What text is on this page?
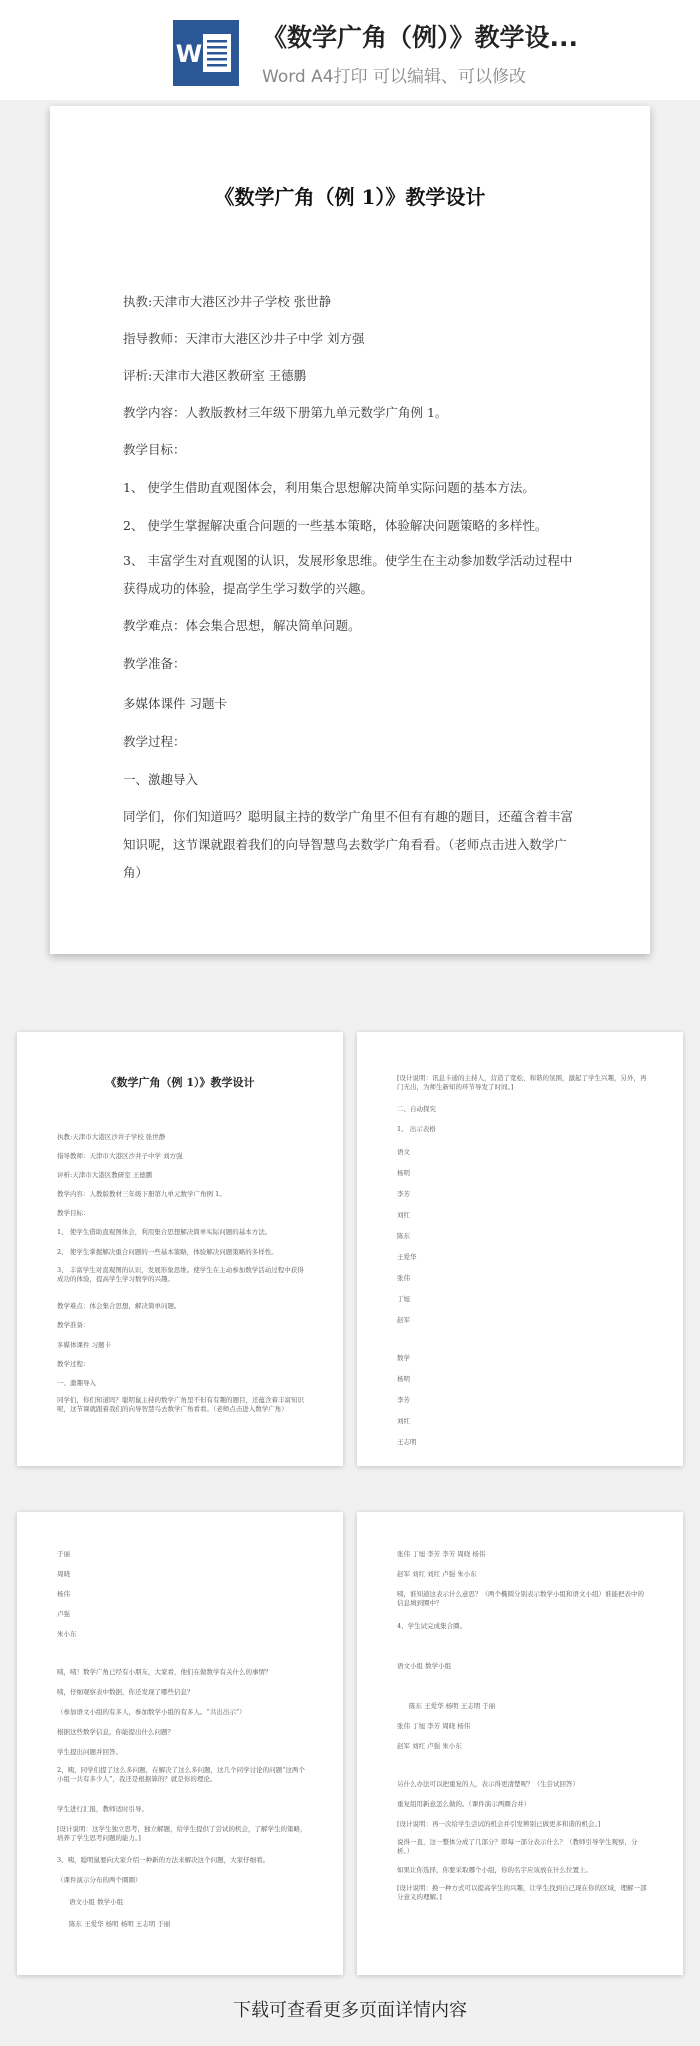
W
《数学广角（例）》教学设...
Word A4打印 可以编辑、可以修改
《数学广角（例 1）》教学设计
执教:天津市大港区沙井子学校 张世静
指导教师：天津市大港区沙井子中学 刘方强
评析:天津市大港区教研室 王德鹏
教学内容：人教版教材三年级下册第九单元数学广角例 1。
教学目标：
1、 使学生借助直观图体会，利用集合思想解决简单实际问题的基本方法。
2、 使学生掌握解决重合问题的一些基本策略，体验解决问题策略的多样性。
3、 丰富学生对直观图的认识，发展形象思维。使学生在主动参加数学活动过程中获得成功的体验，提高学生学习数学的兴趣。
教学难点：体会集合思想，解决简单问题。
教学准备：
多媒体课件 习题卡
教学过程：
一、激趣导入
同学们，你们知道吗？聪明鼠主持的数学广角里不但有有趣的题目，还蕴含着丰富知识呢，这节课就跟着我们的向导智慧鸟去数学广角看看。（老师点击进入数学广角）
《数学广角（例 1）》教学设计
执教:天津市大港区沙井子学校 张世静
指导教师：天津市大港区沙井子中学 刘方强
评析:天津市大港区教研室 王德鹏
教学内容：人教版教材三年级下册第九单元数学广角例 1。
教学目标：
1、 使学生借助直观图体会，利用集合思想解决简单实际问题的基本方法。
2、 使学生掌握解决重合问题的一些基本策略，体验解决问题策略的多样性。
3、 丰富学生对直观图的认识，发展形象思维。使学生在主动参加数学活动过程中获得成功的体验，提高学生学习数学的兴趣。
教学难点：体会集合思想，解决简单问题。
教学准备：
多媒体课件 习题卡
教学过程：
一、激趣导入
同学们，你们知道吗？聪明鼠主持的数学广角里不但有有趣的题目，还蕴含着丰富知识呢，这节课就跟着我们的向导智慧鸟去数学广角看看。（老师点击进入数学广角）
[设计说明：讯息卡通的主持人，营造了宽松、和谐的氛围，激起了学生兴趣，另外，再门无出，为师生新知的环节导发了时间。]
二、自动探究
1、 出示表格
语文
杨明
李芳
刘红
陈东
王爱华
张伟
丁旭
赵军
数学
杨明
李芳
刘红
王志明
于丽
周晓
杨伟
卢强
朱小东
咦，咦！数学广角已经有小朋友，大家看，他们在做数学有关什么的事情？
咦，仔细观察表中数据，你还发现了哪些信息？
（参加语文小组的有多人，参加数学小组的有多人。“共出出示”）
根据这些数学信息，你能提出什么问题？
学生提出问题并回答。
2、咦，同学们提了这么多问题，在解决了这么多问题，这几个同学讨论的问题“这两个小组一共有多少人”，我还是根据算的？就是你的理论。
学生进行汇报，教师适时引导。
[设计说明：这学生独立思考，独立解题，给学生提供了尝试的机会，了解学生的策略，培养了学生思考问题的能力。]
3、咦，聪明鼠要向大家介绍一种新的方法来解决这个问题，大家仔细看。
（课件演示分布的两个圈圈）
语文小组 数学小组
陈东 王爱华 杨明 杨明 王志明 于丽
张伟 丁旭 李芳 李芳 周晓 杨伟
赵军 刘红 刘红 卢强 朱小东
咦，谁知道这表示什么意思？（两个椭圆分别表示数学小组和语文小组）谁能把表中的信息填到圈中？
4、学生试完成集合圈。
语文小组 数学小组
陈东 王爱华 杨明 王志明 于丽
张伟 丁旭 李芳 周晓 杨伟
赵军 刘红 卢强 朱小东
另什么办法可以把重复的人，表示得更清楚呢？（生尝试回答）
重复组用新意怎么做的。（课件演示两圈合并）
[设计说明：再一次给学生尝试的机会并引发辨别已做更多和谐的机会。]
说得一直，这一整体分成了几部分？即每一部分表示什么？（教师引导学生观察，分析。）
如果让你选择，你要采取哪个小组，你的名字应该放在什么位置上。
[设计说明：换一种方式可以提高学生的兴趣，让学生找到自己现在你的区域，理解一部分意义的理解。]
下载可查看更多页面详情内容
